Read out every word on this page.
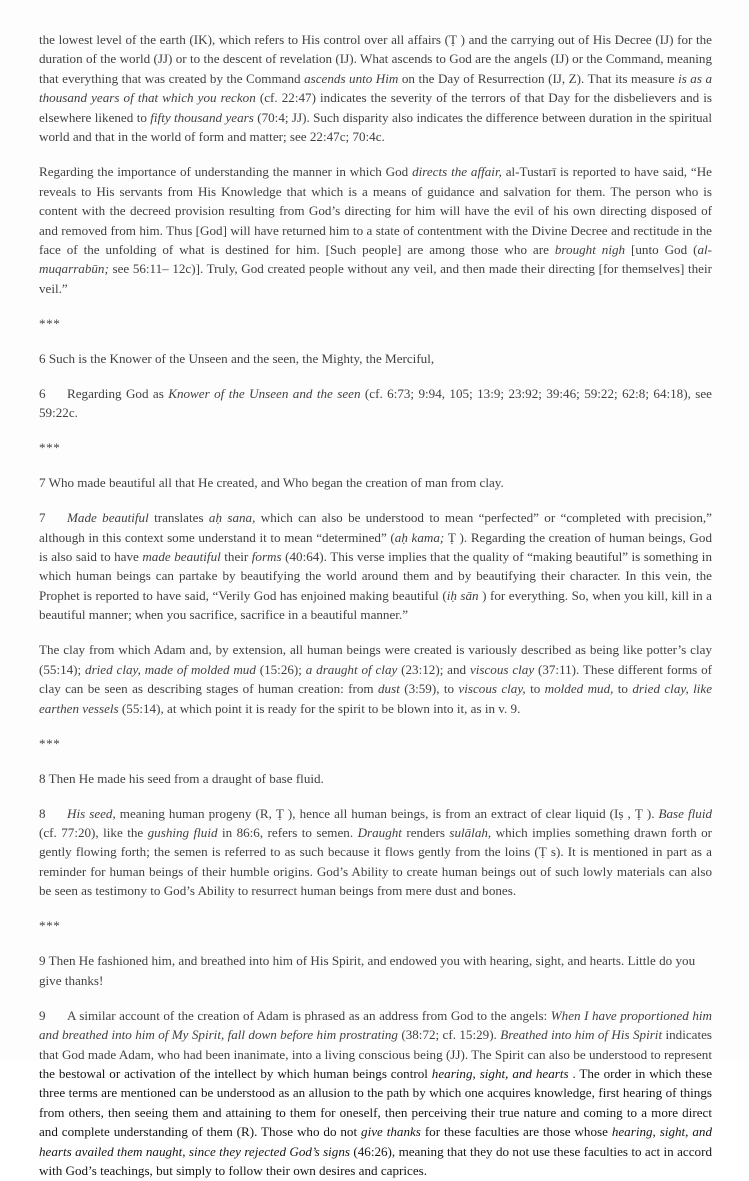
the lowest level of the earth (IK), which refers to His control over all affairs (Ṭ ) and the carrying out of His Decree (IJ) for the duration of the world (JJ) or to the descent of revelation (IJ). What ascends to God are the angels (IJ) or the Command, meaning that everything that was created by the Command ascends unto Him on the Day of Resurrection (IJ, Z). That its measure is as a thousand years of that which you reckon (cf. 22:47) indicates the severity of the terrors of that Day for the disbelievers and is elsewhere likened to fifty thousand years (70:4; JJ). Such disparity also indicates the difference between duration in the spiritual world and that in the world of form and matter; see 22:47c; 70:4c.

Regarding the importance of understanding the manner in which God directs the affair, al-Tustarī is reported to have said, “He reveals to His servants from His Knowledge that which is a means of guidance and salvation for them. The person who is content with the decreed provision resulting from God’s directing for him will have the evil of his own directing disposed of and removed from him. Thus [God] will have returned him to a state of contentment with the Divine Decree and rectitude in the face of the unfolding of what is destined for him. [Such people] are among those who are brought nigh [unto God (al-muqarrabūn; see 56:11– 12c)]. Truly, God created people without any veil, and then made their directing [for themselves] their veil.”

***

6 Such is the Knower of the Unseen and the seen, the Mighty, the Merciful,

6 Regarding God as Knower of the Unseen and the seen (cf. 6:73; 9:94, 105; 13:9; 23:92; 39:46; 59:22; 62:8; 64:18), see 59:22c.

***

7 Who made beautiful all that He created, and Who began the creation of man from clay.

7 Made beautiful translates aḥ sana, which can also be understood to mean “perfected” or “completed with precision,” although in this context some understand it to mean “determined” (aḥ kama; Ṭ ). Regarding the creation of human beings, God is also said to have made beautiful their forms (40:64). This verse implies that the quality of “making beautiful” is something in which human beings can partake by beautifying the world around them and by beautifying their character. In this vein, the Prophet is reported to have said, “Verily God has enjoined making beautiful (iḥ sān ) for everything. So, when you kill, kill in a beautiful manner; when you sacrifice, sacrifice in a beautiful manner.”

The clay from which Adam and, by extension, all human beings were created is variously described as being like potter’s clay (55:14); dried clay, made of molded mud (15:26); a draught of clay (23:12); and viscous clay (37:11). These different forms of clay can be seen as describing stages of human creation: from dust (3:59), to viscous clay, to molded mud, to dried clay, like earthen vessels (55:14), at which point it is ready for the spirit to be blown into it, as in v. 9.

***

8 Then He made his seed from a draught of base fluid.

8 His seed, meaning human progeny (R, Ṭ ), hence all human beings, is from an extract of clear liquid (Iṣ , Ṭ ). Base fluid (cf. 77:20), like the gushing fluid in 86:6, refers to semen. Draught renders sulālah, which implies something drawn forth or gently flowing forth; the semen is referred to as such because it flows gently from the loins (Ṭ s). It is mentioned in part as a reminder for human beings of their humble origins. God’s Ability to create human beings out of such lowly materials can also be seen as testimony to God’s Ability to resurrect human beings from mere dust and bones.

***

9 Then He fashioned him, and breathed into him of His Spirit, and endowed you with hearing, sight, and hearts. Little do you give thanks!

9 A similar account of the creation of Adam is phrased as an address from God to the angels: When I have proportioned him and breathed into him of My Spirit, fall down before him prostrating (38:72; cf. 15:29). Breathed into him of His Spirit indicates that God made Adam, who had been inanimate, into a living conscious being (JJ). The Spirit can also be understood to represent the bestowal or activation of the intellect by which human beings control hearing, sight, and hearts . The order in which these three terms are mentioned can be understood as an allusion to the path by which one acquires knowledge, first hearing of things from others, then seeing them and attaining to them for oneself, then perceiving their true nature and coming to a more direct and complete understanding of them (R). Those who do not give thanks for these faculties are those whose hearing, sight, and hearts availed them naught, since they rejected God’s signs (46:26), meaning that they do not use these faculties to act in accord with God’s teachings, but simply to follow their own desires and caprices.
